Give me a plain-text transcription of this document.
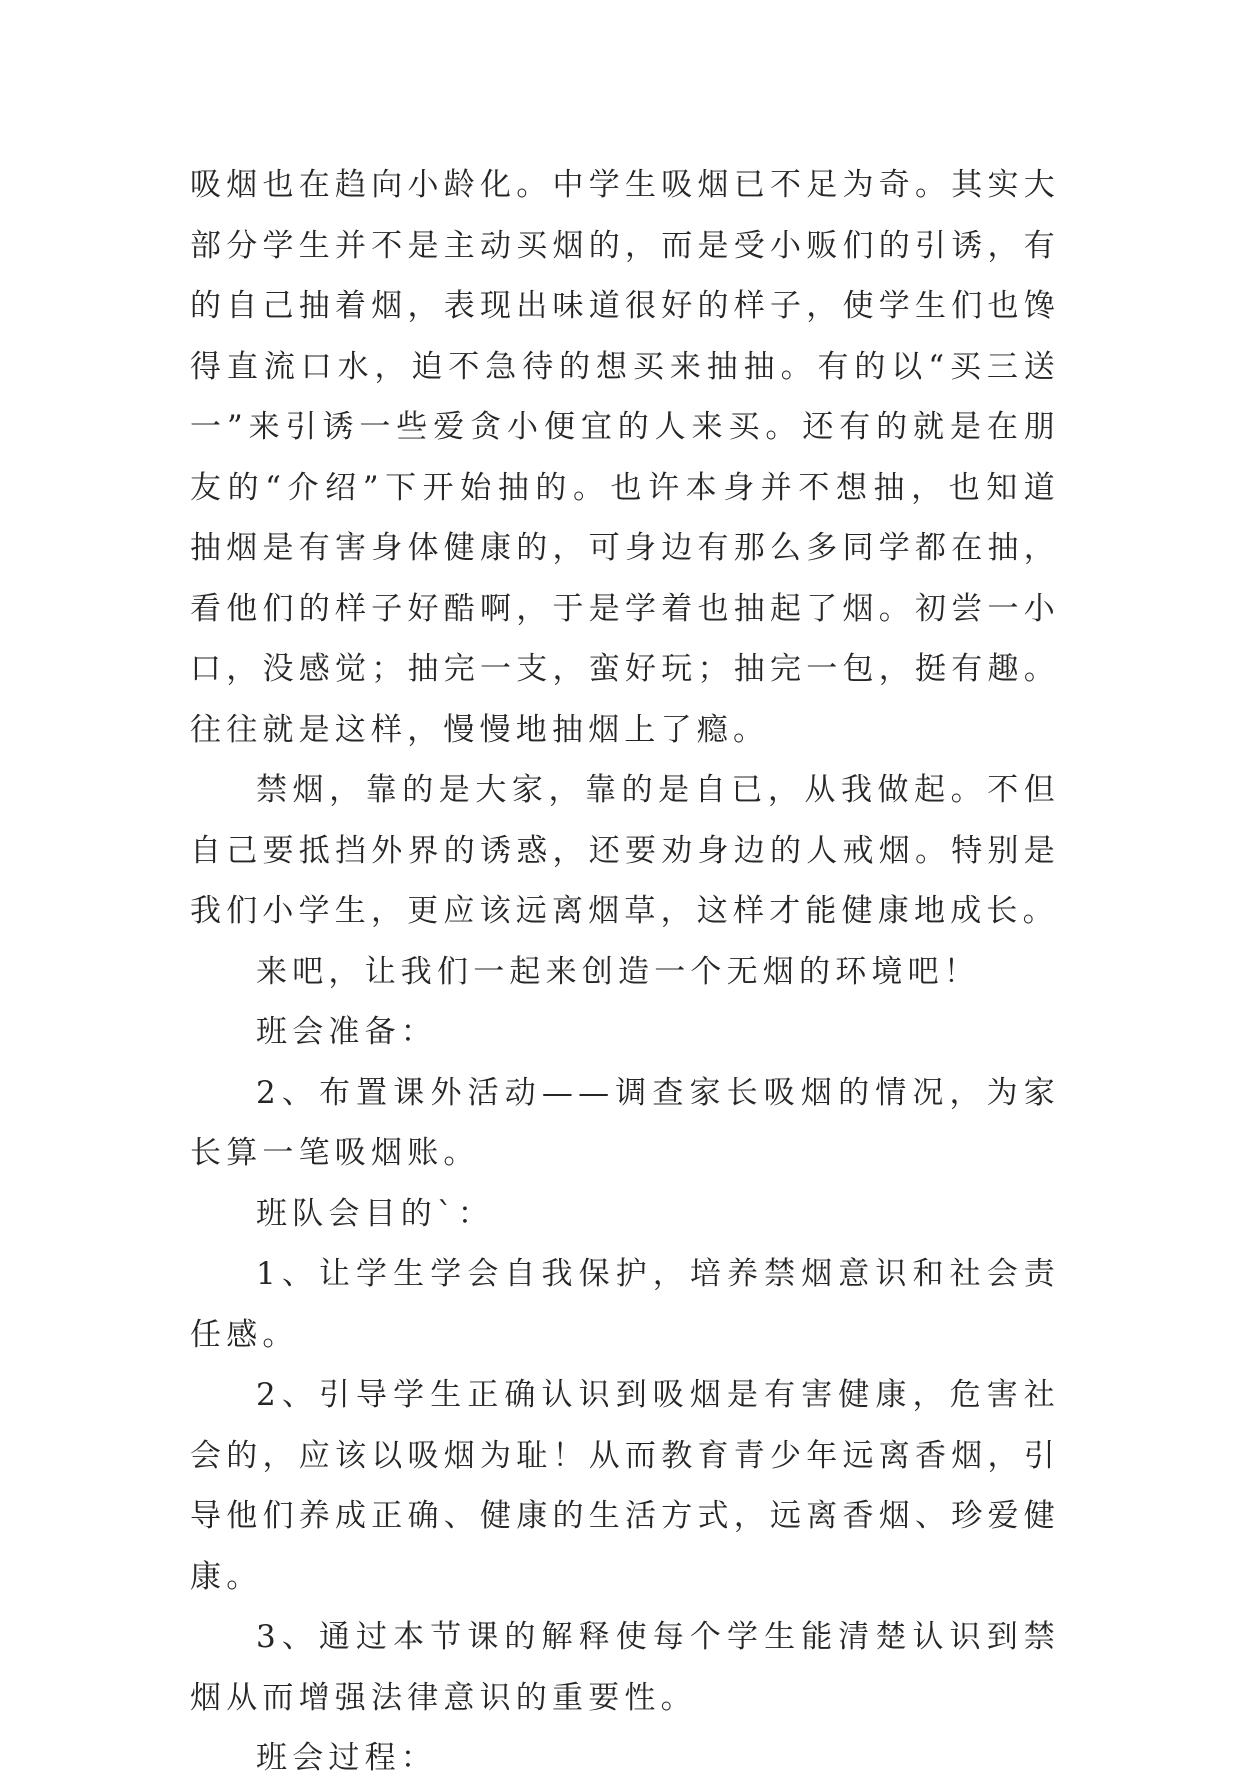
吸烟也在趋向小龄化。中学生吸烟已不足为奇。其实大部分学生并不是主动买烟的，而是受小贩们的引诱，有的自己抽着烟，表现出味道很好的样子，使学生们也馋得直流口水，迫不急待的想买来抽抽。有的以“买三送一”来引诱一些爱贪小便宜的人来买。还有的就是在朋友的“介绍”下开始抽的。也许本身并不想抽，也知道抽烟是有害身体健康的，可身边有那么多同学都在抽，看他们的样子好酷啊，于是学着也抽起了烟。初尝一小口，没感觉；抽完一支，蛮好玩；抽完一包，挺有趣。往往就是这样，慢慢地抽烟上了瘾。

禁烟，靠的是大家，靠的是自已，从我做起。不但自己要抵挡外界的诱惑，还要劝身边的人戒烟。特别是我们小学生，更应该远离烟草，这样才能健康地成长。

来吧，让我们一起来创造一个无烟的环境吧！

班会准备：

2、布置课外活动——调查家长吸烟的情况，为家长算一笔吸烟账。

班队会目的`：

1、让学生学会自我保护，培养禁烟意识和社会责任感。

2、引导学生正确认识到吸烟是有害健康，危害社会的，应该以吸烟为耻！从而教育青少年远离香烟，引导他们养成正确、健康的生活方式，远离香烟、珍爱健康。

3、通过本节课的解释使每个学生能清楚认识到禁烟从而增强法律意识的重要性。

班会过程：
